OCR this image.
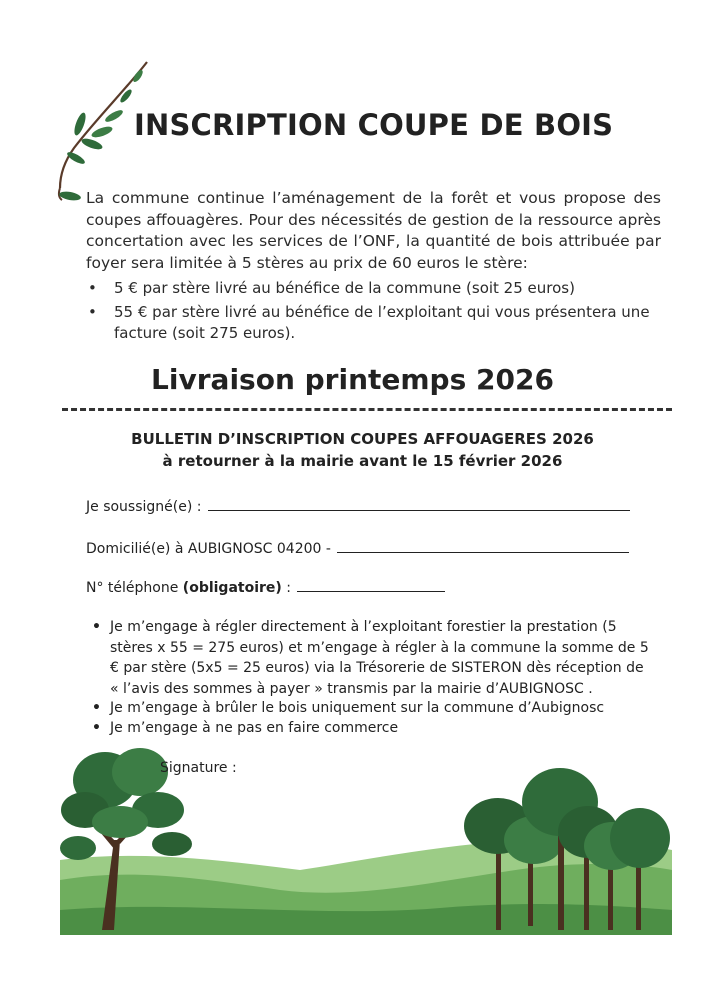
INSCRIPTION COUPE DE BOIS

La commune continue l’aménagement de la forêt et vous propose des coupes affouagères. Pour des nécessités de gestion de la ressource après concertation avec les services de l’ONF, la quantité de bois attribuée par foyer sera limitée à 5 stères au prix de 60 euros le stère:

• 5 € par stère livré au bénéfice de la commune (soit 25 euros)
• 55 € par stère livré au bénéfice de l’exploitant qui vous présentera une facture (soit 275 euros).
Livraison printemps 2026
BULLETIN D’INSCRIPTION COUPES AFFOUAGERES 2026
à retourner à la mairie avant le 15 février 2026
Je soussigné(e) :
Domicilié(e) à AUBIGNOSC 04200 -
N° téléphone (obligatoire) :
• Je m’engage à régler directement à l’exploitant forestier la prestation (5 stères x 55 = 275 euros) et m’engage à régler à la commune la somme de 5 € par stère (5x5 = 25 euros) via la Trésorerie de SISTERON dès réception de « l’avis des sommes à payer » transmis par la mairie d’AUBIGNOSC .
• Je m’engage à brûler le bois uniquement sur la commune d’Aubignosc
• Je m’engage à ne pas en faire commerce
Signature :
